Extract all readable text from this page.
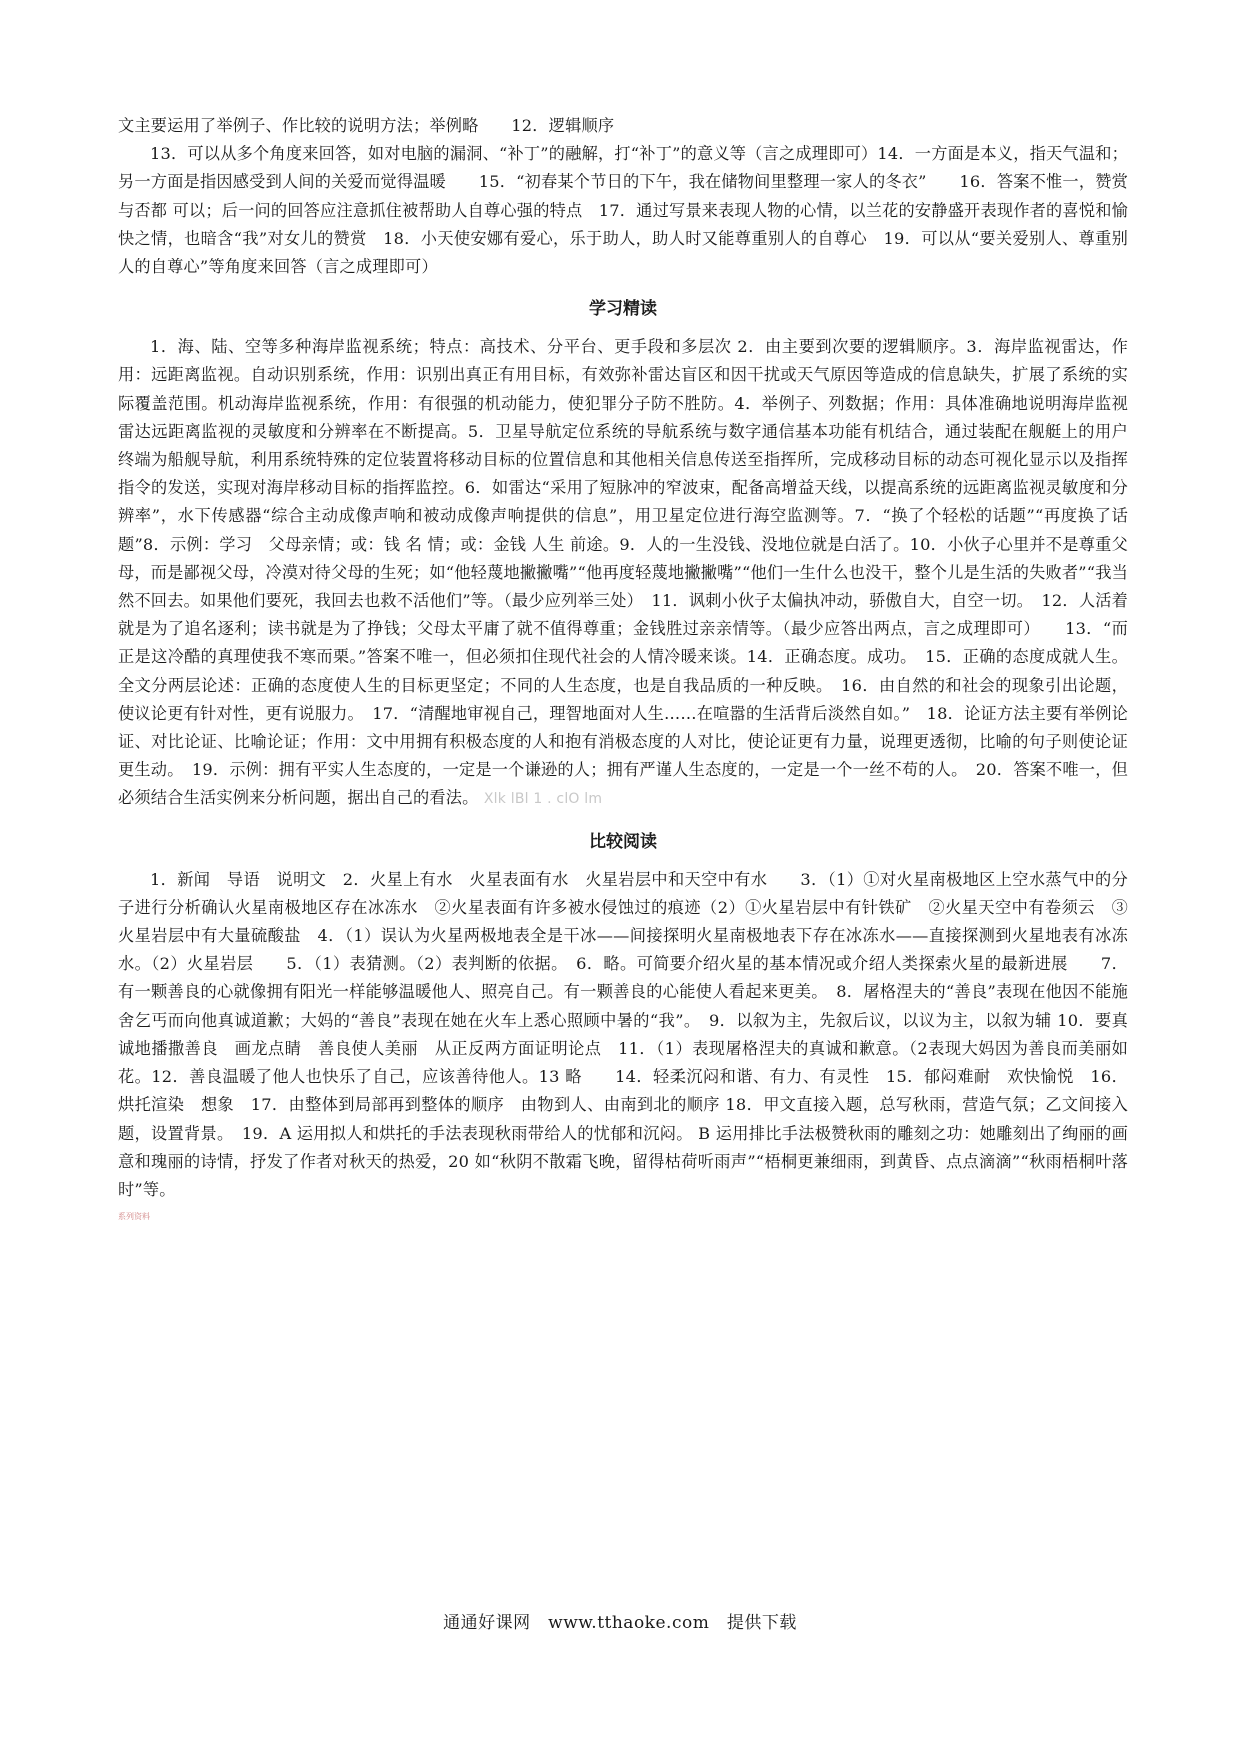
文主要运用了举例子、作比较的说明方法；举例略　　12．逻辑顺序

13．可以从多个角度来回答，如对电脑的漏洞、“补丁”的融解，打“补丁”的意义等（言之成理即可）14．一方面是本义，指天气温和；另一方面是指因感受到人间的关爱而觉得温暖　　15．“初春某个节日的下午，我在储物间里整理一家人的冬衣”　　16．答案不惟一，赞赏与否都 可以；后一问的回答应注意抓住被帮助人自尊心强的特点　17．通过写景来表现人物的心情，以兰花的安静盛开表现作者的喜悦和愉快之情，也暗含“我”对女儿的赞赏　18．小天使安娜有爱心，乐于助人，助人时又能尊重别人的自尊心　19．可以从“要关爱别人、尊重别人的自尊心”等角度来回答（言之成理即可）

学习精读

1．海、陆、空等多种海岸监视系统；特点：高技术、分平台、更手段和多层次 2．由主要到次要的逻辑顺序。3．海岸监视雷达，作用：远距离监视。自动识别系统，作用：识别出真正有用目标，有效弥补雷达盲区和因干扰或天气原因等造成的信息缺失，扩展了系统的实际覆盖范围。机动海岸监视系统，作用：有很强的机动能力，使犯罪分子防不胜防。4．举例子、列数据；作用：具体准确地说明海岸监视雷达远距离监视的灵敏度和分辨率在不断提高。5．卫星导航定位系统的导航系统与数字通信基本功能有机结合，通过装配在舰艇上的用户终端为船舰导航，利用系统特殊的定位装置将移动目标的位置信息和其他相关信息传送至指挥所，完成移动目标的动态可视化显示以及指挥指令的发送，实现对海岸移动目标的指挥监控。6．如雷达“采用了短脉冲的窄波束，配备高增益天线，以提高系统的远距离监视灵敏度和分辨率”，水下传感器“综合主动成像声响和被动成像声响提供的信息”，用卫星定位进行海空监测等。7．“换了个轻松的话题”“再度换了话题”8．示例：学习　父母亲情；或：钱 名 情；或：金钱 人生 前途。9．人的一生没钱、没地位就是白活了。10．小伙子心里并不是尊重父母，而是鄙视父母，冷漠对待父母的生死；如“他轻蔑地撇撇嘴”“他再度轻蔑地撇撇嘴”“他们一生什么也没干，整个儿是生活的失败者”“我当然不回去。如果他们要死，我回去也救不活他们”等。（最少应列举三处）　11．讽刺小伙子太偏执冲动，骄傲自大，自空一切。　12．人活着就是为了追名逐利；读书就是为了挣钱；父母太平庸了就不值得尊重；金钱胜过亲亲情等。（最少应答出两点，言之成理即可）　　13．“而正是这冷酷的真理使我不寒而栗。”答案不唯一，但必须扣住现代社会的人情冷暖来谈。14．正确态度。成功。　15．正确的态度成就人生。全文分两层论述：正确的态度使人生的目标更坚定；不同的人生态度，也是自我品质的一种反映。　16．由自然的和社会的现象引出论题，使议论更有针对性，更有说服力。　17．“清醒地审视自己，理智地面对人生……在喧嚣的生活背后淡然自如。”　18．论证方法主要有举例论证、对比论证、比喻论证；作用：文中用拥有积极态度的人和抱有消极态度的人对比，使论证更有力量，说理更透彻，比喻的句子则使论证更生动。　19．示例：拥有平实人生态度的，一定是一个谦逊的人；拥有严谨人生态度的，一定是一个一丝不苟的人。　20．答案不唯一，但必须结合生活实例来分析问题，据出自己的看法。 Xlk lBl 1 . clO lm

比较阅读

1．新闻　导语　说明文　2．火星上有水　火星表面有水　火星岩层中和天空中有水　　3．（1）①对火星南极地区上空水蒸气中的分子进行分析确认火星南极地区存在冰冻水　②火星表面有许多被水侵蚀过的痕迹（2）①火星岩层中有针铁矿　②火星天空中有卷须云　③火星岩层中有大量硫酸盐　4．（1）误认为火星两极地表全是干冰——间接探明火星南极地表下存在冰冻水——直接探测到火星地表有冰冻水。（2）火星岩层　　5．（1）表猜测。（2）表判断的依据。　6．略。可简要介绍火星的基本情况或介绍人类探索火星的最新进展　　7．有一颗善良的心就像拥有阳光一样能够温暖他人、照亮自己。有一颗善良的心能使人看起来更美。　8．屠格涅夫的“善良”表现在他因不能施舍乞丐而向他真诚道歉；大妈的“善良”表现在她在火车上悉心照顾中暑的“我”。　9．以叙为主，先叙后议，以议为主，以叙为辅 10．要真诚地播撒善良　画龙点睛　善良使人美丽　从正反两方面证明论点　11．（1）表现屠格涅夫的真诚和歉意。（2表现大妈因为善良而美丽如花。12．善良温暖了他人也快乐了自己，应该善待他人。13 略　　14．轻柔沉闷和谐、有力、有灵性　15．郁闷难耐　欢快愉悦　16．烘托渲染　想象　17．由整体到局部再到整体的顺序　由物到人、由南到北的顺序 18．甲文直接入题，总写秋雨，营造气氛；乙文间接入题，设置背景。　19．A 运用拟人和烘托的手法表现秋雨带给人的忧郁和沉闷。 B 运用排比手法极赞秋雨的雕刻之功：她雕刻出了绚丽的画意和瑰丽的诗情，抒发了作者对秋天的热爱，20 如“秋阴不散霜飞晚，留得枯荷听雨声”“梧桐更兼细雨，到黄昏、点点滴滴”“秋雨梧桐叶落时”等。

系列资料
通通好课网　www.tthaoke.com　提供下载
